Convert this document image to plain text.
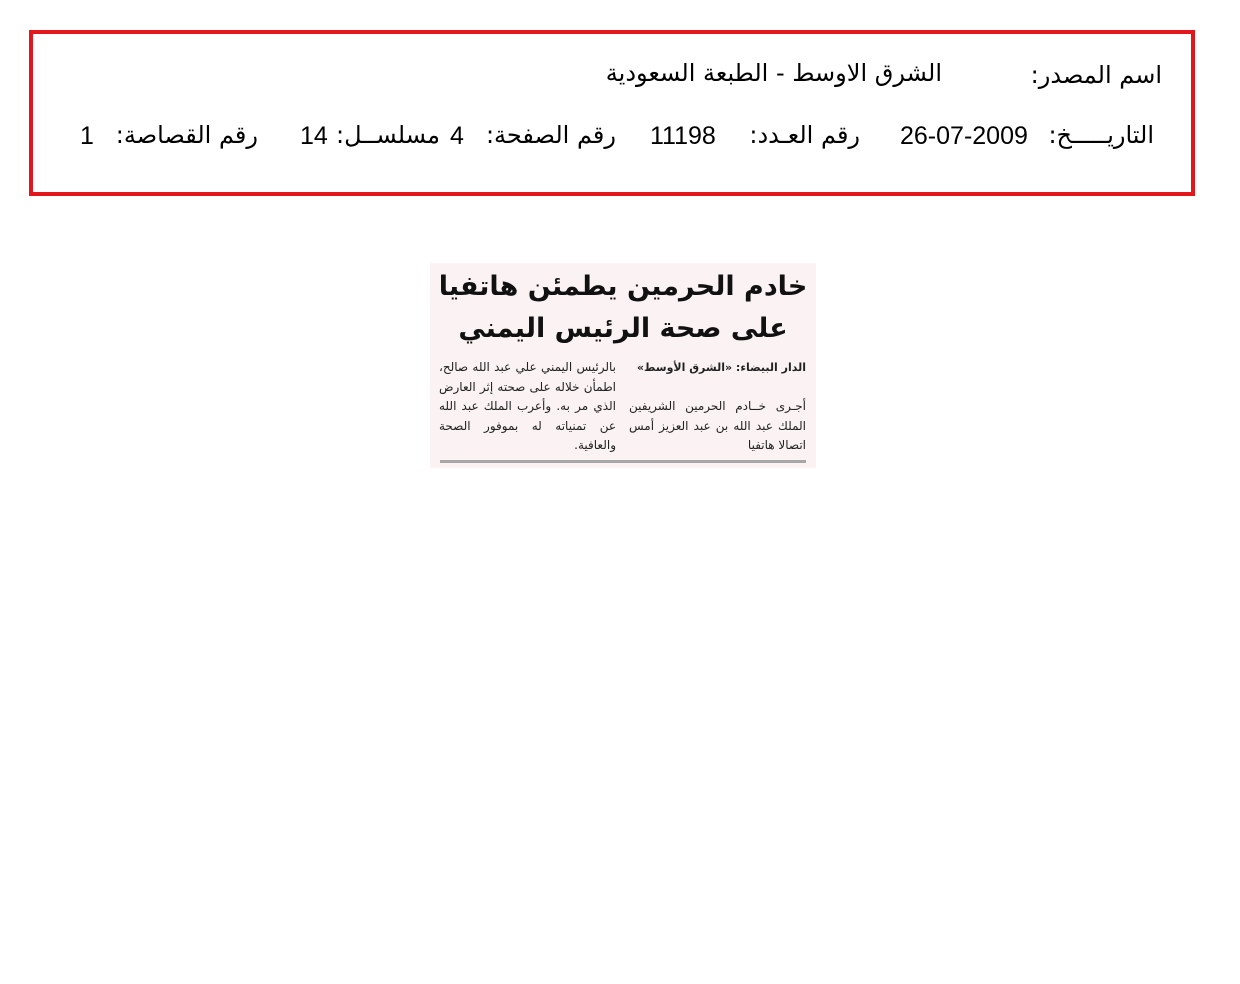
اسم المصدر:
الشرق الاوسط - الطبعة السعودية
التاريـــــخ:
26-07-2009
رقم العـدد:
11198
رقم الصفحة:
4
مسلســل:
14
رقم القصاصة:
1
خادم الحرمين يطمئن هاتفيا
على صحة الرئيس اليمني

الدار البيضاء: «الشرق الأوسط»

أجـرى خــادم الحرمين الشريفين الملك عبد الله بن عبد العزيز أمس اتصالا هاتفيا

بالرئيس اليمني علي عبد الله صالح، اطمأن خلاله على صحته إثر العارض الذي مر به. وأعرب الملك عبد الله عن تمنياته له بموفور الصحة والعافية.
